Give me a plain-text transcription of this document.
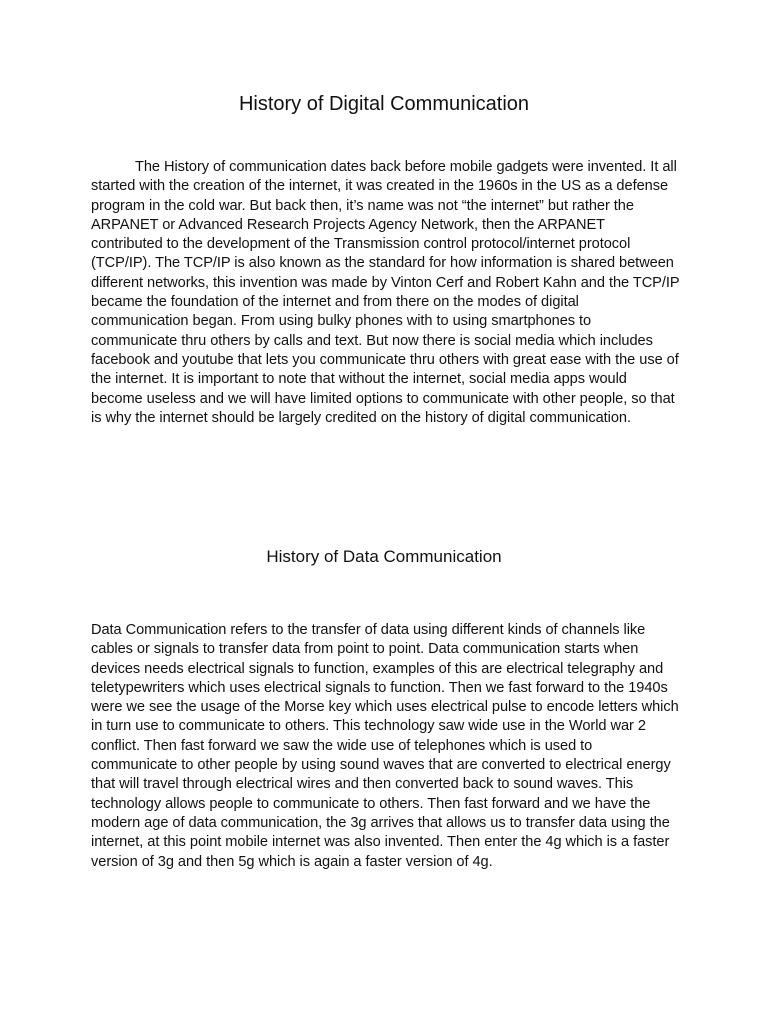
History of Digital Communication

The History of communication dates back before mobile gadgets were invented. It all started with the creation of the internet, it was created in the 1960s in the US as a defense program in the cold war. But back then, it’s name was not “the internet” but rather the ARPANET or Advanced Research Projects Agency Network, then the ARPANET contributed to the development of the Transmission control protocol/internet protocol (TCP/IP). The TCP/IP is also known as the standard for how information is shared between different networks, this invention was made by Vinton Cerf and Robert Kahn and the TCP/IP became the foundation of the internet and from there on the modes of digital communication began. From using bulky phones with to using smartphones to communicate thru others by calls and text. But now there is social media which includes facebook and youtube that lets you communicate thru others with great ease with the use of the internet. It is important to note that without the internet, social media apps would become useless and we will have limited options to communicate with other people, so that is why the internet should be largely credited on the history of digital communication.

History of Data Communication

Data Communication refers to the transfer of data using different kinds of channels like cables or signals to transfer data from point to point. Data communication starts when devices needs electrical signals to function, examples of this are electrical telegraphy and teletypewriters which uses electrical signals to function. Then we fast forward to the 1940s were we see the usage of the Morse key which uses electrical pulse to encode letters which in turn use to communicate to others. This technology saw wide use in the World war 2 conflict. Then fast forward we saw the wide use of telephones which is used to communicate to other people by using sound waves that are converted to electrical energy that will travel through electrical wires and then converted back to sound waves. This technology allows people to communicate to others. Then fast forward and we have the modern age of data communication, the 3g arrives that allows us to transfer data using the internet, at this point mobile internet was also invented. Then enter the 4g which is a faster version of 3g and then 5g which is again a faster version of 4g.
